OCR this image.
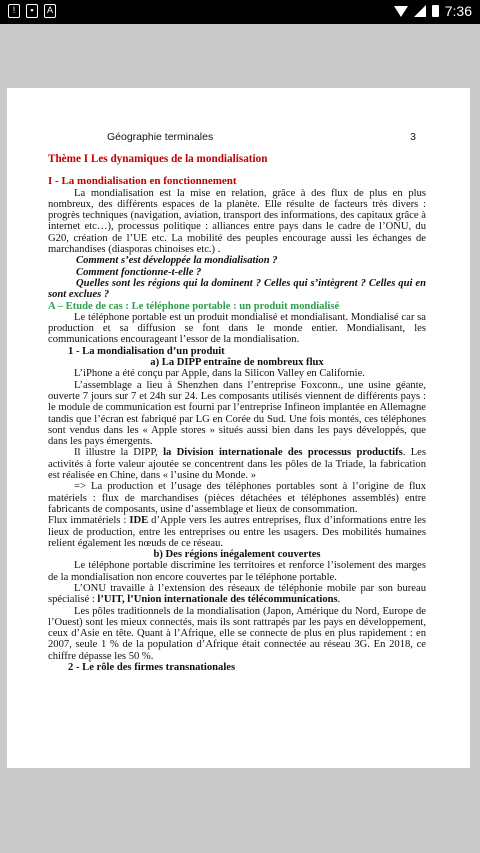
!	▪	A	7:36
Géographie terminales	3

Thème I Les dynamiques de la mondialisation

I - La mondialisation en fonctionnement

La mondialisation est la mise en relation, grâce à des flux de plus en plus nombreux, des différents espaces de la planète. Elle résulte de facteurs très divers : progrès techniques (navigation, aviation, transport des informations, des capitaux grâce à internet etc…), processus politique : alliances entre pays dans le cadre de l’ONU, du G20, création de l’UE etc. La mobilité des peuples encourage aussi les échanges de marchandises (diasporas chinoises etc.) .

Comment s’est développée la mondialisation ?

Comment fonctionne-t-elle ?

Quelles sont les régions qui la dominent ? Celles qui s’intègrent ? Celles qui en sont exclues ?

A – Etude de cas : Le téléphone portable : un produit mondialisé

Le téléphone portable est un produit mondialisé et mondialisant. Mondialisé car sa production et sa diffusion se font dans le monde entier. Mondialisant, les communications encourageant l’essor de la mondialisation.

1 - La mondialisation d’un produit

a) La DIPP entraîne de nombreux flux

L’iPhone a été conçu par Apple, dans la Silicon Valley en Californie.

L’assemblage a lieu à Shenzhen dans l’entreprise Foxconn., une usine géante, ouverte 7 jours sur 7 et 24h sur 24. Les composants utilisés viennent de différents pays : le module de communication est fourni par l’entreprise Infineon implantée en Allemagne tandis que l’écran est fabriqué par LG en Corée du Sud. Une fois montés, ces téléphones sont vendus dans les « Apple stores » situés aussi bien dans les pays développés, que dans les pays émergents.

Il illustre la DIPP, la Division internationale des processus productifs. Les activités à forte valeur ajoutée se concentrent dans les pôles de la Triade, la fabrication est réalisée en Chine, dans « l’usine du Monde. »

=> La production et l’usage des téléphones portables sont à l’origine de flux matériels : flux de marchandises (pièces détachées et téléphones assemblés) entre fabricants de composants, usine d’assemblage et lieux de consommation.

Flux immatériels : IDE d’Apple vers les autres entreprises, flux d’informations entre les lieux de production, entre les entreprises ou entre les usagers. Des mobilités humaines relient également les nœuds de ce réseau.

b) Des régions inégalement couvertes

Le téléphone portable discrimine les territoires et renforce l’isolement des marges de la mondialisation non encore couvertes par le téléphone portable.

L’ONU travaille à l’extension des réseaux de téléphonie mobile par son bureau spécialisé : l’UIT, l’Union internationale des télécommunications.

Les pôles traditionnels de la mondialisation (Japon, Amérique du Nord, Europe de l’Ouest) sont les mieux connectés, mais ils sont rattrapés par les pays en développement, ceux d’Asie en tête. Quant à l’Afrique, elle se connecte de plus en plus rapidement : en 2007, seule 1 % de la population d’Afrique était connectée au réseau 3G. En 2018, ce chiffre dépasse les 50 %.

2 - Le rôle des firmes transnationales
